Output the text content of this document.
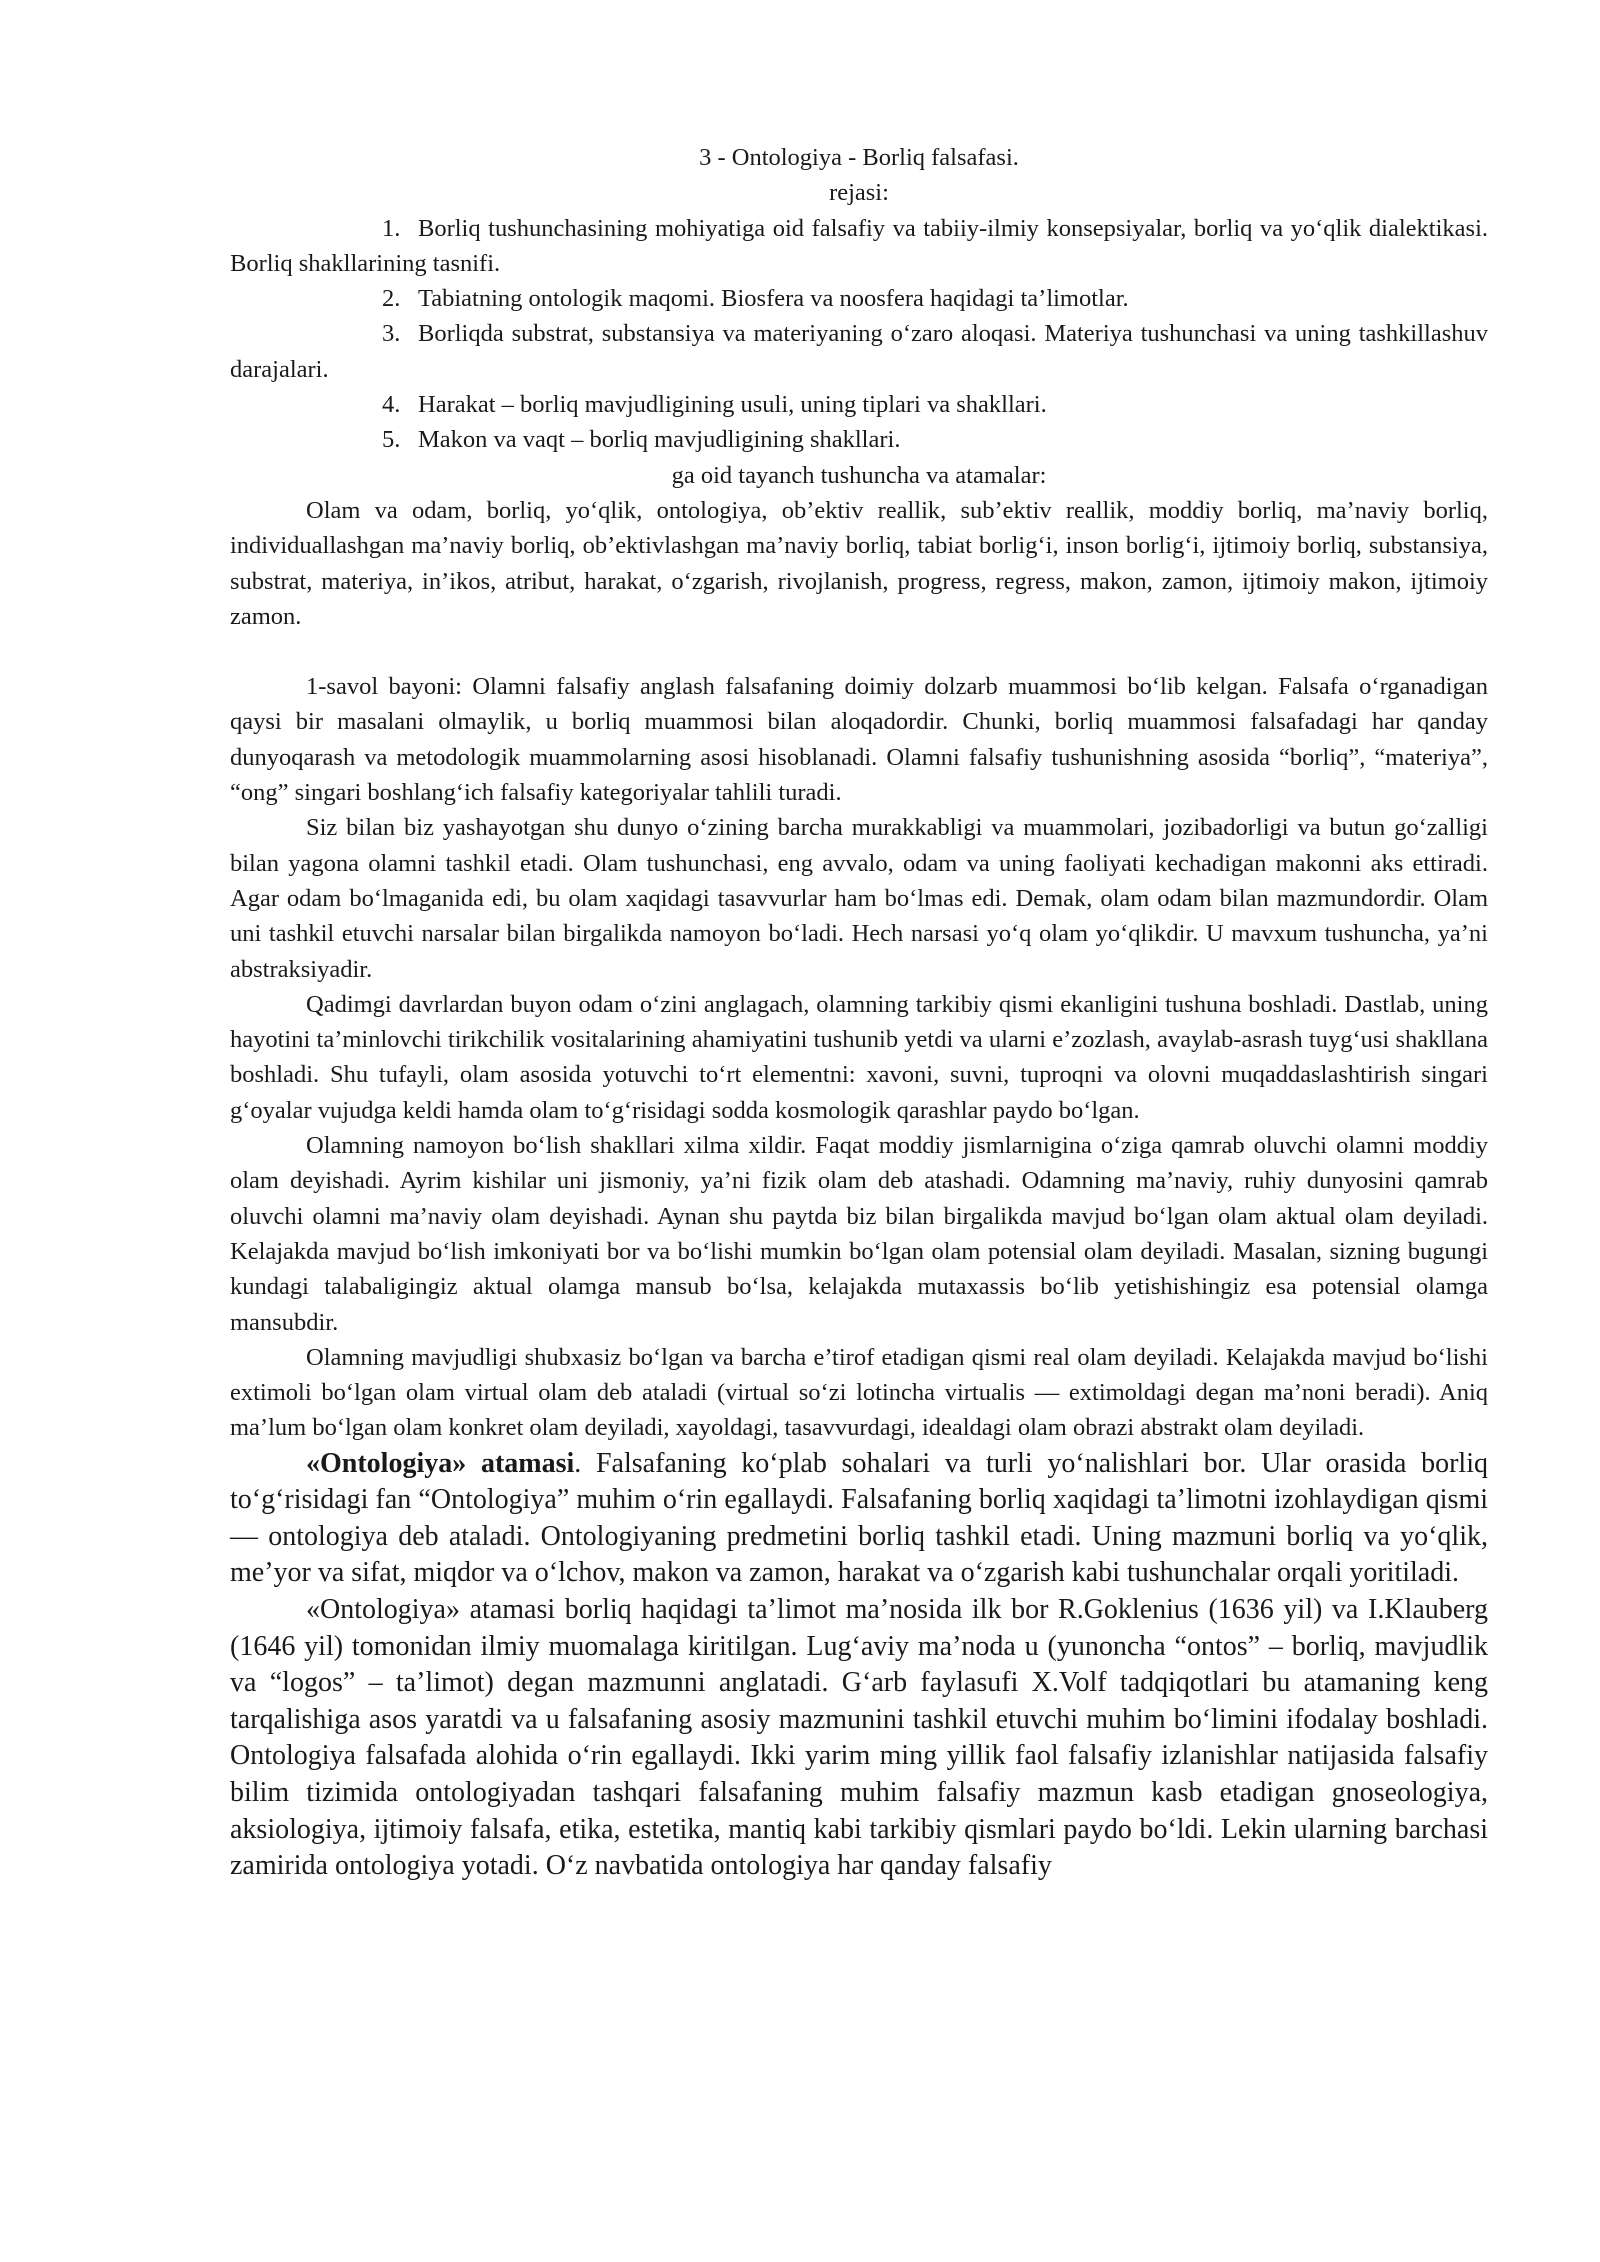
3 - Ontologiya - Borliq falsafasi.

rejasi:

1. Borliq tushunchasining mohiyatiga oid falsafiy va tabiiy-ilmiy konsepsiyalar, borliq va yo‘qlik dialektikasi. Borliq shakllarining tasnifi.

2. Tabiatning ontologik maqomi. Biosfera va noosfera haqidagi ta’limotlar.

3. Borliqda substrat, substansiya va materiyaning o‘zaro aloqasi. Materiya tushunchasi va uning tashkillashuv darajalari.

4. Harakat – borliq mavjudligining usuli, uning tiplari va shakllari.

5. Makon va vaqt – borliq mavjudligining shakllari.

ga oid tayanch tushuncha va atamalar:

Olam va odam, borliq, yo‘qlik, ontologiya, ob’ektiv reallik, sub’ektiv reallik, moddiy borliq, ma’naviy borliq, individuallashgan ma’naviy borliq, ob’ektivlashgan ma’naviy borliq, tabiat borlig‘i, inson borlig‘i, ijtimoiy borliq, substansiya, substrat, materiya, in’ikos, atribut, harakat, o‘zgarish, rivojlanish, progress, regress, makon, zamon, ijtimoiy makon, ijtimoiy zamon.

1-savol bayoni: Olamni falsafiy anglash falsafaning doimiy dolzarb muammosi bo‘lib kelgan. Falsafa o‘rganadigan qaysi bir masalani olmaylik, u borliq muammosi bilan aloqadordir. Chunki, borliq muammosi falsafadagi har qanday dunyoqarash va metodologik muammolarning asosi hisoblanadi. Olamni falsafiy tushunishning asosida “borliq”, “materiya”, “ong” singari boshlang‘ich falsafiy kategoriyalar tahlili turadi.

Siz bilan biz yashayotgan shu dunyo o‘zining barcha murakkabligi va muammolari, jozibadorligi va butun go‘zalligi bilan yagona olamni tashkil etadi. Olam tushunchasi, eng avvalo, odam va uning faoliyati kechadigan makonni aks ettiradi. Agar odam bo‘lmaganida edi, bu olam xaqidagi tasavvurlar ham bo‘lmas edi. Demak, olam odam bilan mazmundordir. Olam uni tashkil etuvchi narsalar bilan birgalikda namoyon bo‘ladi. Hech narsasi yo‘q olam yo‘qlikdir. U mavxum tushuncha, ya’ni abstraksiyadir.

Qadimgi davrlardan buyon odam o‘zini anglagach, olamning tarkibiy qismi ekanligini tushuna boshladi. Dastlab, uning hayotini ta’minlovchi tirikchilik vositalarining ahamiyatini tushunib yetdi va ularni e’zozlash, avaylab-asrash tuyg‘usi shakllana boshladi. Shu tufayli, olam asosida yotuvchi to‘rt elementni: xavoni, suvni, tuproqni va olovni muqaddaslashtirish singari g‘oyalar vujudga keldi hamda olam to‘g‘risidagi sodda kosmologik qarashlar paydo bo‘lgan.

Olamning namoyon bo‘lish shakllari xilma xildir. Faqat moddiy jismlarnigina o‘ziga qamrab oluvchi olamni moddiy olam deyishadi. Ayrim kishilar uni jismoniy, ya’ni fizik olam deb atashadi. Odamning ma’naviy, ruhiy dunyosini qamrab oluvchi olamni ma’naviy olam deyishadi. Aynan shu paytda biz bilan birgalikda mavjud bo‘lgan olam aktual olam deyiladi. Kelajakda mavjud bo‘lish imkoniyati bor va bo‘lishi mumkin bo‘lgan olam potensial olam deyiladi. Masalan, sizning bugungi kundagi talabaligingiz aktual olamga mansub bo‘lsa, kelajakda mutaxassis bo‘lib yetishishingiz esa potensial olamga mansubdir.

Olamning mavjudligi shubxasiz bo‘lgan va barcha e’tirof etadigan qismi real olam deyiladi. Kelajakda mavjud bo‘lishi extimoli bo‘lgan olam virtual olam deb ataladi (virtual so‘zi lotincha virtualis — extimoldagi degan ma’noni beradi). Aniq ma’lum bo‘lgan olam konkret olam deyiladi, xayoldagi, tasavvurdagi, idealdagi olam obrazi abstrakt olam deyiladi.

«Ontologiya» atamasi. Falsafaning ko‘plab sohalari va turli yo‘nalishlari bor. Ular orasida borliq to‘g‘risidagi fan “Ontologiya” muhim o‘rin egallaydi. Falsafaning borliq xaqidagi ta’limotni izohlaydigan qismi — ontologiya deb ataladi. Ontologiyaning predmetini borliq tashkil etadi. Uning mazmuni borliq va yo‘qlik, me’yor va sifat, miqdor va o‘lchov, makon va zamon, harakat va o‘zgarish kabi tushunchalar orqali yoritiladi.

«Ontologiya» atamasi borliq haqidagi ta’limot ma’nosida ilk bor R.Goklenius (1636 yil) va I.Klauberg (1646 yil) tomonidan ilmiy muomalaga kiritilgan. Lug‘aviy ma’noda u (yunoncha “ontos” – borliq, mavjudlik va “logos” – ta’limot) degan mazmunni anglatadi. G‘arb faylasufi X.Volf tadqiqotlari bu atamaning keng tarqalishiga asos yaratdi va u falsafaning asosiy mazmunini tashkil etuvchi muhim bo‘limini ifodalay boshladi. Ontologiya falsafada alohida o‘rin egallaydi. Ikki yarim ming yillik faol falsafiy izlanishlar natijasida falsafiy bilim tizimida ontologiyadan tashqari falsafaning muhim falsafiy mazmun kasb etadigan gnoseologiya, aksiologiya, ijtimoiy falsafa, etika, estetika, mantiq kabi tarkibiy qismlari paydo bo‘ldi. Lekin ularning barchasi zamirida ontologiya yotadi. O‘z navbatida ontologiya har qanday falsafiy
